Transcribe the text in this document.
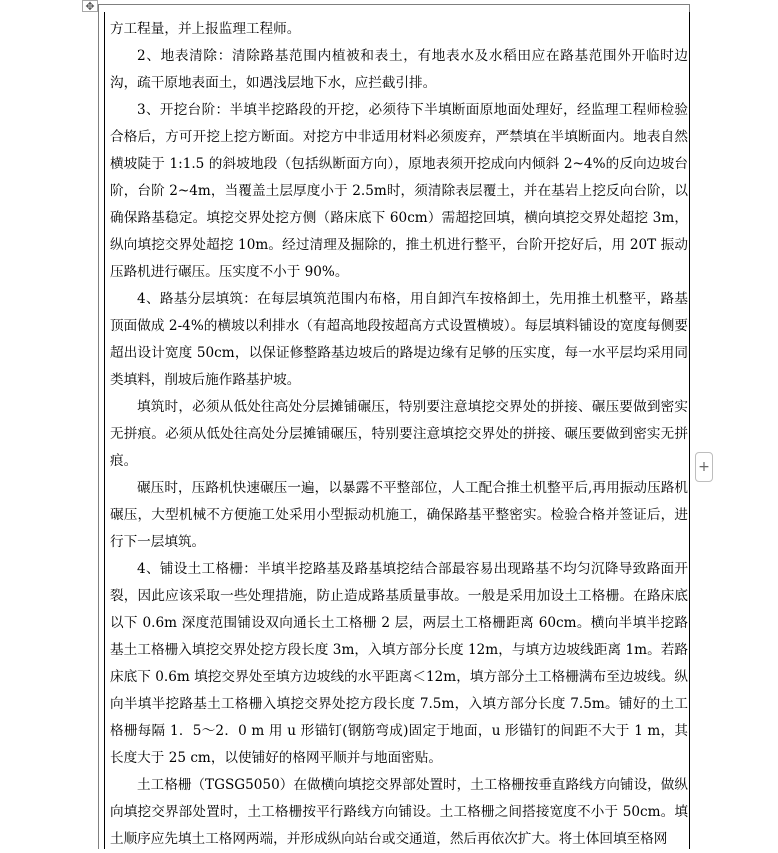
✥

方工程量，并上报监理工程师。

2、地表清除：清除路基范围内植被和表土，有地表水及水稻田应在路基范围外开临时边沟，疏干原地表面土，如遇浅层地下水，应拦截引排。

3、开挖台阶：半填半挖路段的开挖，必须待下半填断面原地面处理好，经监理工程师检验合格后，方可开挖上挖方断面。对挖方中非适用材料必须废弃，严禁填在半填断面内。地表自然横坡陡于 1:1.5 的斜坡地段（包括纵断面方向），原地表须开挖成向内倾斜 2~4%的反向边坡台阶，台阶 2~4m，当覆盖土层厚度小于 2.5m时，须清除表层覆土，并在基岩上挖反向台阶，以确保路基稳定。填挖交界处挖方侧（路床底下 60cm）需超挖回填，横向填挖交界处超挖 3m，纵向填挖交界处超挖 10m。经过清理及掘除的，推土机进行整平，台阶开挖好后，用 20T 振动压路机进行碾压。压实度不小于 90%。

4、路基分层填筑：在每层填筑范围内布格，用自卸汽车按格卸土，先用推土机整平，路基顶面做成 2-4%的横坡以利排水（有超高地段按超高方式设置横坡）。每层填料铺设的宽度每侧要超出设计宽度 50cm，以保证修整路基边坡后的路堤边缘有足够的压实度，每一水平层均采用同类填料，削坡后施作路基护坡。

填筑时，必须从低处往高处分层摊铺碾压，特别要注意填挖交界处的拼接、碾压要做到密实无拼痕。必须从低处往高处分层摊铺碾压，特别要注意填挖交界处的拼接、碾压要做到密实无拼痕。

碾压时，压路机快速碾压一遍，以暴露不平整部位，人工配合推土机整平后,再用振动压路机碾压，大型机械不方便施工处采用小型振动机施工，确保路基平整密实。检验合格并签证后，进行下一层填筑。

4、铺设土工格栅：半填半挖路基及路基填挖结合部最容易出现路基不均匀沉降导致路面开裂，因此应该采取一些处理措施，防止造成路基质量事故。一般是采用加设土工格栅。在路床底以下 0.6m 深度范围铺设双向通长土工格栅 2 层，两层土工格栅距离 60cm。横向半填半挖路基土工格栅入填挖交界处挖方段长度 3m，入填方部分长度 12m，与填方边坡线距离 1m。若路床底下 0.6m 填挖交界处至填方边坡线的水平距离＜12m，填方部分土工格栅满布至边坡线。纵向半填半挖路基土工格栅入填挖交界处挖方段长度 7.5m，入填方部分长度 7.5m。铺好的土工格栅每隔 1．5～2．0 m 用 u 形锚钉(钢筋弯成)固定于地面，u 形锚钉的间距不大于 1 m，其长度大于 25 cm，以使铺好的格网平顺并与地面密贴。

土工格栅（TGSG5050）在做横向填挖交界部处置时，土工格栅按垂直路线方向铺设，做纵向填挖交界部处置时，土工格栅按平行路线方向铺设。土工格栅之间搭接宽度不小于 50cm。填土顺序应先填土工格网两端，并形成纵向站台或交通道，然后再依次扩大。将土体回填至格网

+
